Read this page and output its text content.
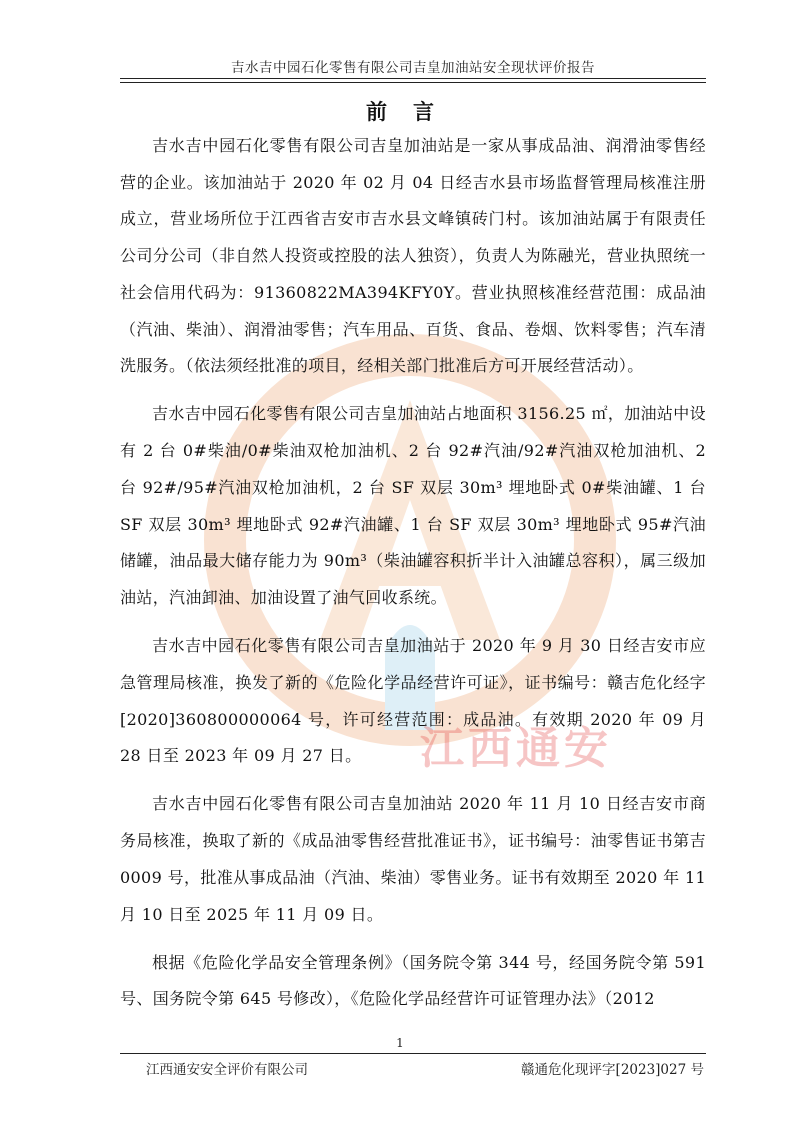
江西通安
吉水吉中园石化零售有限公司吉皇加油站安全现状评价报告
前言

吉水吉中园石化零售有限公司吉皇加油站是一家从事成品油、润滑油零售经营的企业。该加油站于 2020 年 02 月 04 日经吉水县市场监督管理局核准注册成立，营业场所位于江西省吉安市吉水县文峰镇砖门村。该加油站属于有限责任公司分公司（非自然人投资或控股的法人独资），负责人为陈融光，营业执照统一社会信用代码为：91360822MA394KFY0Y。营业执照核准经营范围：成品油（汽油、柴油）、润滑油零售；汽车用品、百货、食品、卷烟、饮料零售；汽车清洗服务。（依法须经批准的项目，经相关部门批准后方可开展经营活动）。

吉水吉中园石化零售有限公司吉皇加油站占地面积 3156.25 ㎡，加油站中设有 2 台 0#柴油/0#柴油双枪加油机、2 台 92#汽油/92#汽油双枪加油机、2 台 92#/95#汽油双枪加油机，2 台 SF 双层 30m³ 埋地卧式 0#柴油罐、1 台 SF 双层 30m³ 埋地卧式 92#汽油罐、1 台 SF 双层 30m³ 埋地卧式 95#汽油储罐，油品最大储存能力为 90m³（柴油罐容积折半计入油罐总容积），属三级加油站，汽油卸油、加油设置了油气回收系统。

吉水吉中园石化零售有限公司吉皇加油站于 2020 年 9 月 30 日经吉安市应急管理局核准，换发了新的《危险化学品经营许可证》，证书编号：赣吉危化经字[2020]360800000064 号，许可经营范围：成品油。有效期 2020 年 09 月 28 日至 2023 年 09 月 27 日。

吉水吉中园石化零售有限公司吉皇加油站 2020 年 11 月 10 日经吉安市商务局核准，换取了新的《成品油零售经营批准证书》，证书编号：油零售证书第吉 0009 号，批准从事成品油（汽油、柴油）零售业务。证书有效期至 2020 年 11 月 10 日至 2025 年 11 月 09 日。

根据《危险化学品安全管理条例》（国务院令第 344 号，经国务院令第 591 号、国务院令第 645 号修改），《危险化学品经营许可证管理办法》（2012

1
江西通安安全评价有限公司	赣通危化现评字[2023]027 号
